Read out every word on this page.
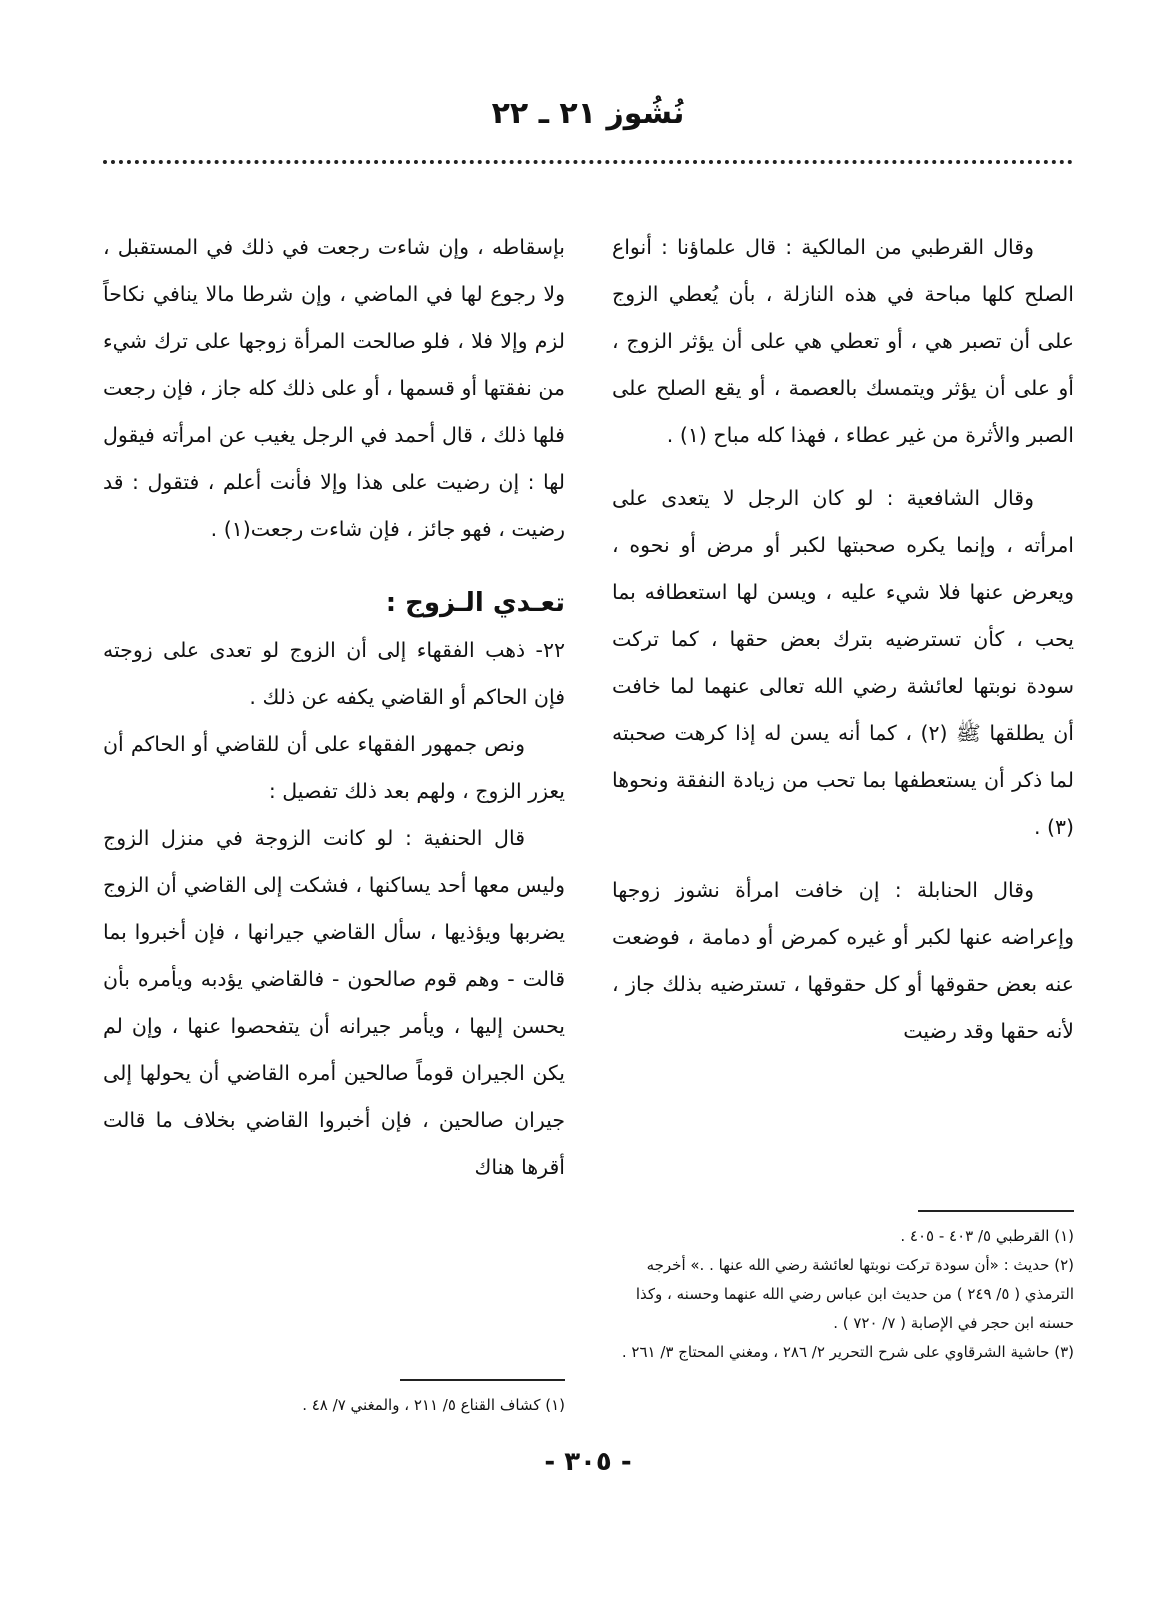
نُشُوز ٢١ ـ ٢٢

وقال القرطبي من المالكية : قال علماؤنا : أنواع الصلح كلها مباحة في هذه النازلة ، بأن يُعطي الزوج على أن تصبر هي ، أو تعطي هي على أن يؤثر الزوج ، أو على أن يؤثر ويتمسك بالعصمة ، أو يقع الصلح على الصبر والأثرة من غير عطاء ، فهذا كله مباح (١) .

وقال الشافعية : لو كان الرجل لا يتعدى على امرأته ، وإنما يكره صحبتها لكبر أو مرض أو نحوه ، ويعرض عنها فلا شيء عليه ، ويسن لها استعطافه بما يحب ، كأن تسترضيه بترك بعض حقها ، كما تركت سودة نوبتها لعائشة رضي الله تعالى عنهما لما خافت أن يطلقها ﷺ (٢) ، كما أنه يسن له إذا كرهت صحبته لما ذكر أن يستعطفها بما تحب من زيادة النفقة ونحوها (٣) .

وقال الحنابلة : إن خافت امرأة نشوز زوجها وإعراضه عنها لكبر أو غيره كمرض أو دمامة ، فوضعت عنه بعض حقوقها أو كل حقوقها ، تسترضيه بذلك جاز ، لأنه حقها وقد رضيت

بإسقاطه ، وإن شاءت رجعت في ذلك في المستقبل ، ولا رجوع لها في الماضي ، وإن شرطا مالا ينافي نكاحاً لزم وإلا فلا ، فلو صالحت المرأة زوجها على ترك شيء من نفقتها أو قسمها ، أو على ذلك كله جاز ، فإن رجعت فلها ذلك ، قال أحمد في الرجل يغيب عن امرأته فيقول لها : إن رضيت على هذا وإلا فأنت أعلم ، فتقول : قد رضيت ، فهو جائز ، فإن شاءت رجعت(١) .

تعـدي الـزوج :

٢٢- ذهب الفقهاء إلى أن الزوج لو تعدى على زوجته فإن الحاكم أو القاضي يكفه عن ذلك .

ونص جمهور الفقهاء على أن للقاضي أو الحاكم أن يعزر الزوج ، ولهم بعد ذلك تفصيل :

قال الحنفية : لو كانت الزوجة في منزل الزوج وليس معها أحد يساكنها ، فشكت إلى القاضي أن الزوج يضربها ويؤذيها ، سأل القاضي جيرانها ، فإن أخبروا بما قالت - وهم قوم صالحون - فالقاضي يؤدبه ويأمره بأن يحسن إليها ، ويأمر جيرانه أن يتفحصوا عنها ، وإن لم يكن الجيران قوماً صالحين أمره القاضي أن يحولها إلى جيران صالحين ، فإن أخبروا القاضي بخلاف ما قالت أقرها هناك

(١) القرطبي ٥/ ٤٠٣ - ٤٠٥ .

(٢) حديث : «أن سودة تركت نوبتها لعائشة رضي الله عنها . .» أخرجه الترمذي ( ٥/ ٢٤٩ ) من حديث ابن عباس رضي الله عنهما وحسنه ، وكذا حسنه ابن حجر في الإصابة ( ٧/ ٧٢٠ ) .

(٣) حاشية الشرقاوي على شرح التحرير ٢/ ٢٨٦ ، ومغني المحتاج ٣/ ٢٦١ .

(١) كشاف القناع ٥/ ٢١١ ، والمغني ٧/ ٤٨ .

- ٣٠٥ -
